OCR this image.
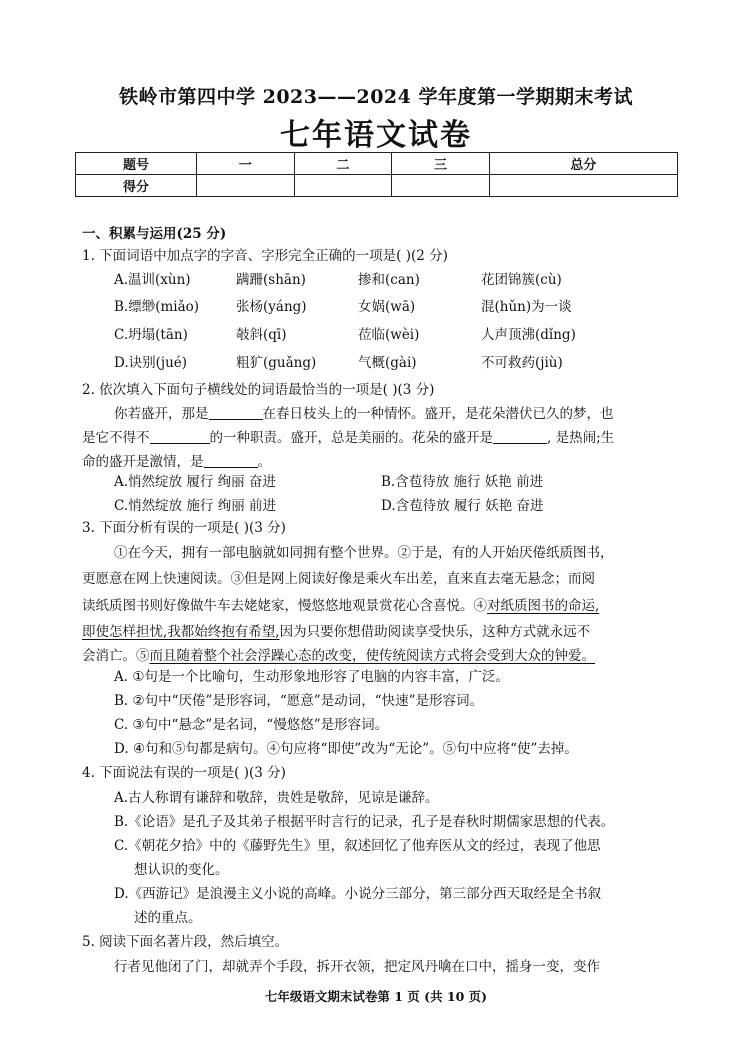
铁岭市第四中学 2023——2024 学年度第一学期期末考试
七年语文试卷
题号	一	二	三	总分
得分				
一、积累与运用(25 分)
1. 下面词语中加点字的字音、字形完全正确的一项是( )(2 分)
A.温训(xùn)	蹒跚(shān)	掺和(can)	花团锦簇(cù)
B.缥缈(miǎo)	张杨(yáng)	女娲(wā)	混(hǔn)为一谈
C.坍塌(tān)	攲斜(qī)	莅临(wèi)	人声顶沸(dǐng)
D.诀别(jué)	粗犷(guǎng)	气概(gài)	不可救药(jiù)
2. 依次填入下面句子横线处的词语最恰当的一项是( )(3 分)
你若盛开，那是	在春日枝头上的一种情怀。盛开，是花朵潜伏已久的梦，也
是它不得不	的一种职责。盛开，总是美丽的。花朵的盛开是	, 是热闹;生
命的盛开是激情，是	。
A.悄然绽放 履行 绚丽 奋进	B.含苞待放 施行 妖艳 前进
C.悄然绽放 施行 绚丽 前进	D.含苞待放 履行 妖艳 奋进
3. 下面分析有误的一项是( )(3 分)
①在今天，拥有一部电脑就如同拥有整个世界。②于是，有的人开始厌倦纸质图书，
更愿意在网上快速阅读。③但是网上阅读好像是乘火车出差，直来直去毫无悬念；而阅
读纸质图书则好像做牛车去姥姥家，慢悠悠地观景赏花心含喜悦。④对纸质图书的命运,
即使怎样担忧,我都始终抱有希望,因为只要你想借助阅读享受快乐，这种方式就永远不
会消亡。⑤而且随着整个社会浮躁心态的改变，使传统阅读方式将会受到大众的钟爱。
A. ①句是一个比喻句，生动形象地形容了电脑的内容丰富，广泛。
B. ②句中“厌倦”是形容词，“愿意”是动词，“快速”是形容词。
C. ③句中“悬念”是名词，“慢悠悠”是形容词。
D. ④句和⑤句都是病句。④句应将“即使”改为“无论”。⑤句中应将“使”去掉。
4. 下面说法有误的一项是( )(3 分)
A.古人称谓有谦辞和敬辞，贵姓是敬辞，见谅是谦辞。
B.《论语》是孔子及其弟子根据平时言行的记录，孔子是春秋时期儒家思想的代表。
C.《朝花夕拾》中的《藤野先生》里，叙述回忆了他弃医从文的经过，表现了他思
想认识的变化。
D.《西游记》是浪漫主义小说的高峰。小说分三部分，第三部分西天取经是全书叙
述的重点。
5. 阅读下面名著片段，然后填空。
行者见他闭了门，却就弄个手段，拆开衣领，把定风丹噙在口中，摇身一变，变作
七年级语文期末试卷第 1 页 (共 10 页)
